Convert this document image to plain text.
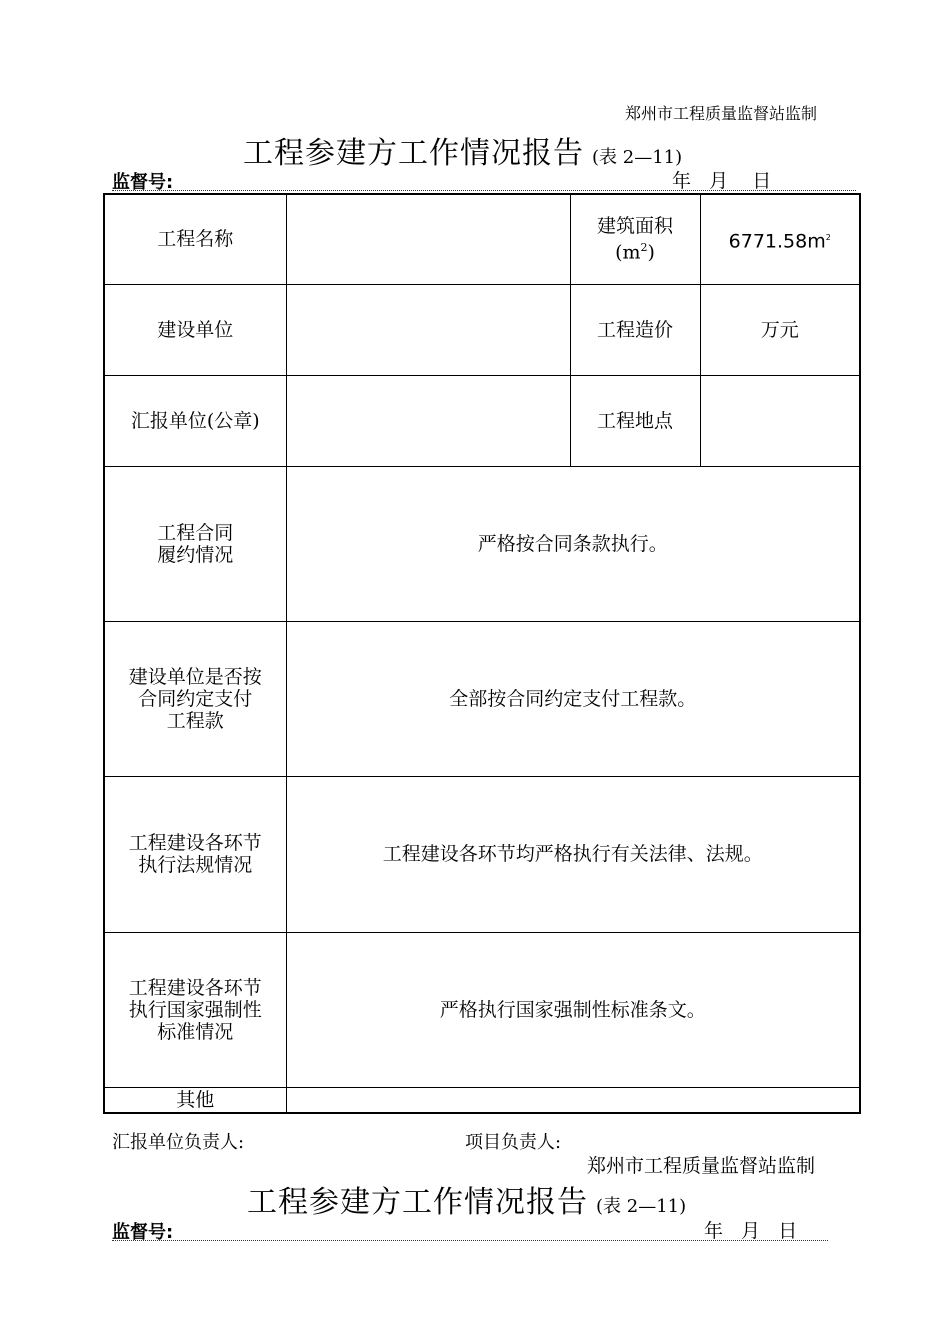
郑州市工程质量监督站监制
工程参建方工作情况报告 (表 2—11)
监督号:	年   月    日
工程名称		建筑面积
$(m^2)$	$6771.58m^2$
建设单位		工程造价	万元
汇报单位(公章)		工程地点	

工程合同
履约情况	严格按合同条款执行。		

建设单位是否按
合同约定支付
工程款	全部按合同约定支付工程款。		

工程建设各环节
执行法规情况	工程建设各环节均严格执行有关法律、法规。		

工程建设各环节
执行国家强制性
标准情况	严格执行国家强制性标准条文。		
其他			
汇报单位负责人:	项目负责人:
郑州市工程质量监督站监制
工程参建方工作情况报告 (表 2—11)
监督号:	年   月   日
